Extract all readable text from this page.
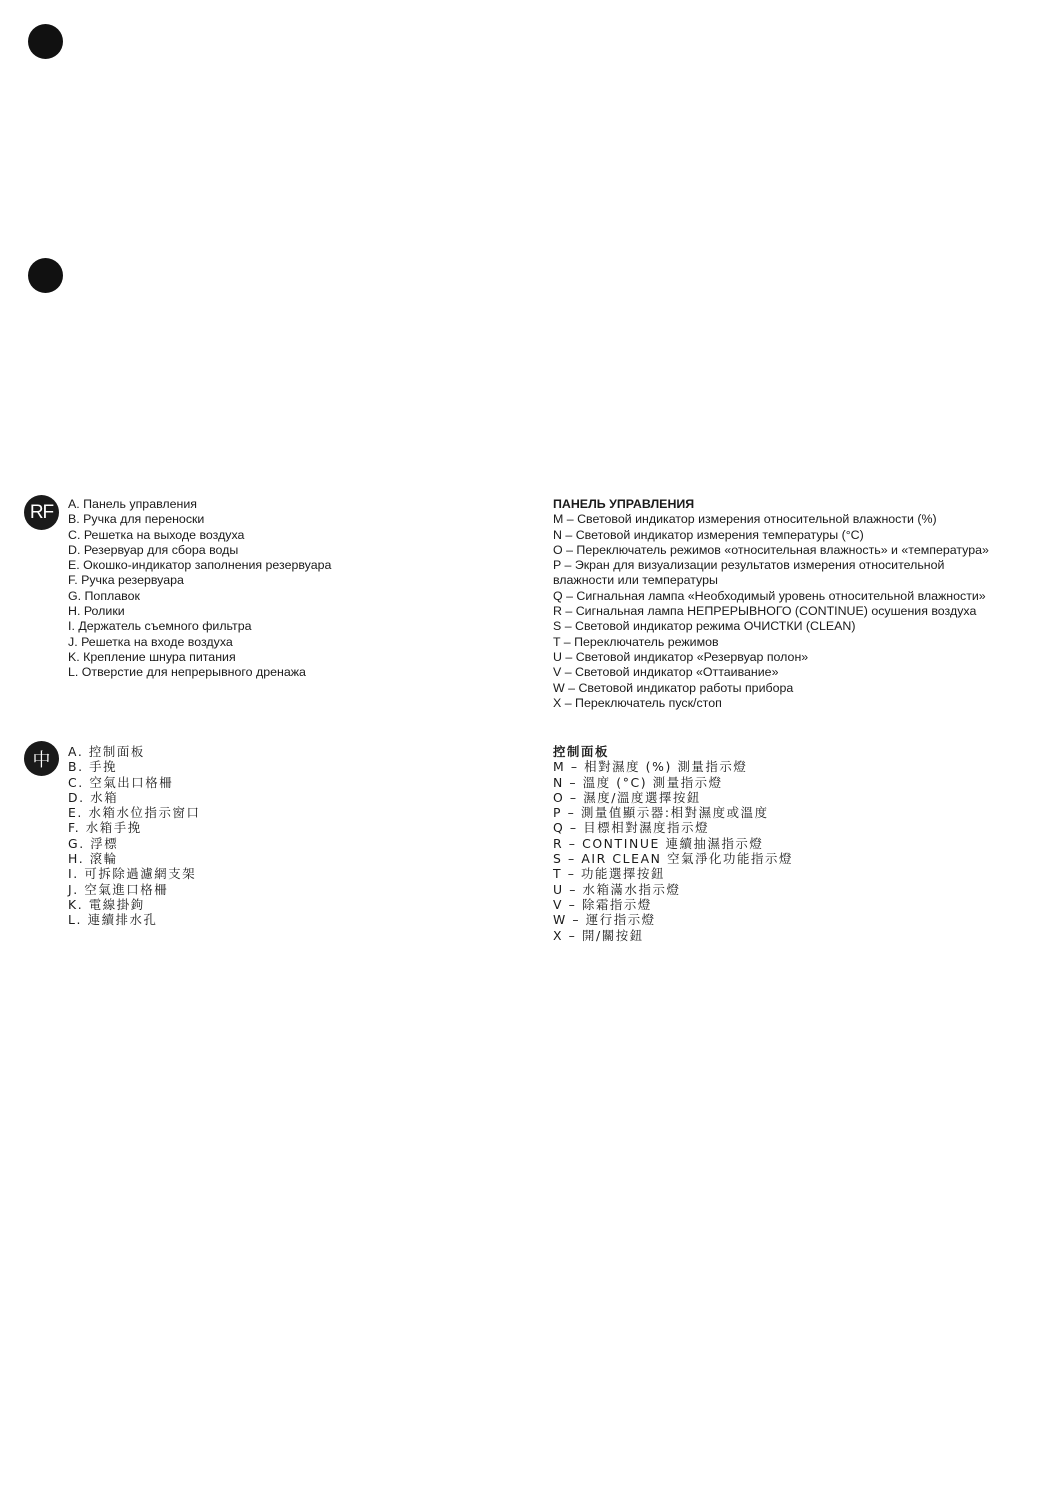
RF	A. Панель управления
B. Ручка для переноски
C. Решетка на выходе воздуха
D. Резервуар для сбора воды
E. Окошко-индикатор заполнения резервуара
F. Ручка резервуара
G. Поплавок
H. Ролики
I. Держатель съемного фильтра
J. Решетка на входе воздуха
K. Крепление шнура питания
L. Отверстие для непрерывного дренажа
ПАНЕЛЬ УПРАВЛЕНИЯ
M – Световой индикатор измерения относительной влажности (%)
N – Световой индикатор измерения температуры (°C)
O – Переключатель режимов «относительная влажность» и «температура»
P – Экран для визуализации результатов измерения относительной
влажности или температуры
Q – Сигнальная лампа «Необходимый уровень относительной влажности»
R – Сигнальная лампа НЕПРЕРЫВНОГО (CONTINUE) осушения воздуха
S – Световой индикатор режима ОЧИСТКИ (CLEAN)
T – Переключатель режимов
U – Световой индикатор «Резервуар полон»
V – Световой индикатор «Оттаивание»
W – Световой индикатор работы прибора
X – Переключатель пуск/стоп
中	A. 控制面板
B. 手挽
C. 空氣出口格柵
D. 水箱
E. 水箱水位指示窗口
F. 水箱手挽
G. 浮標
H. 滾輪
I. 可拆除過濾網支架
J. 空氣進口格柵
K. 電線掛鉤
L. 連續排水孔
控制面板
M – 相對濕度 (%) 測量指示燈
N – 溫度 (°C) 測量指示燈
O – 濕度/溫度選擇按鈕
P – 測量值顯示器:相對濕度或溫度
Q – 目標相對濕度指示燈
R – CONTINUE 連續抽濕指示燈
S – AIR CLEAN 空氣淨化功能指示燈
T – 功能選擇按鈕
U – 水箱滿水指示燈
V – 除霜指示燈
W – 運行指示燈
X – 開/關按鈕
